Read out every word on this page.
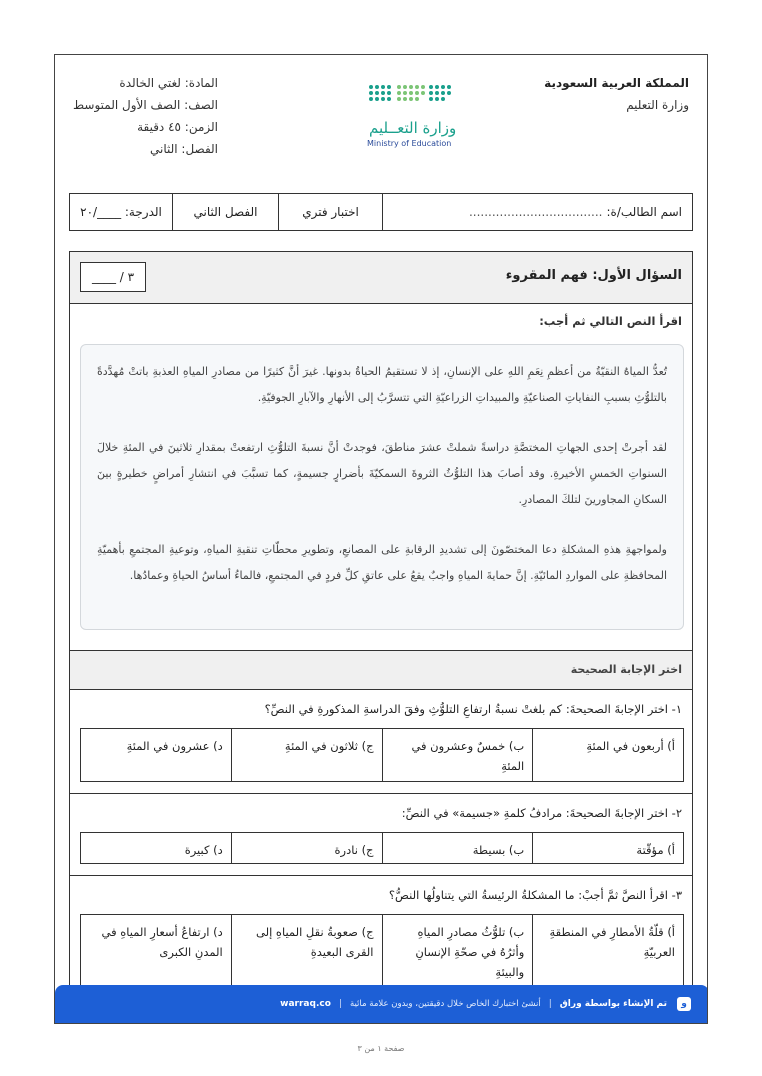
المملكة العربية السعودية
وزارة التعليم
وزارة التعــليم
Ministry of Education
المادة: لغتي الخالدة
الصف: الصف الأول المتوسط
الزمن: ٤٥ دقيقة
الفصل: الثاني
اسم الطالب/ة:
...................................
اختبار فتري
الفصل الثاني
الدرجة: ____/٢٠
السؤال الأول: فهم المقروء
____ / ٣
اقرأ النص التالي ثم أجب:

تُعدُّ المياهُ النقيّةُ من أعظمِ نِعَمِ اللهِ على الإنسانِ، إذ لا تستقيمُ الحياةُ بدونها. غيرَ أنَّ كثيرًا من مصادرِ المياهِ العذبةِ باتتْ مُهدَّدةً بالتلوُّثِ بسببِ النفاياتِ الصناعيّةِ والمبيداتِ الزراعيّةِ التي تتسرَّبُ إلى الأنهارِ والآبارِ الجوفيّةِ.

لقد أجرتْ إحدى الجهاتِ المختصَّةِ دراسةً شملتْ عشرَ مناطقَ، فوجدتْ أنَّ نسبةَ التلوُّثِ ارتفعتْ بمقدارِ ثلاثينَ في المئةِ خلالَ السنواتِ الخمسِ الأخيرةِ. وقد أصابَ هذا التلوُّثُ الثروةَ السمكيّةَ بأضرارٍ جسيمةٍ، كما تسبَّبَ في انتشارِ أمراضٍ خطيرةٍ بينَ السكانِ المجاورينَ لتلكَ المصادرِ.

ولمواجهةِ هذهِ المشكلةِ دعا المختصّونَ إلى تشديدِ الرقابةِ على المصانعِ، وتطويرِ محطّاتِ تنقيةِ المياهِ، وتوعيةِ المجتمعِ بأهميّةِ المحافظةِ على المواردِ المائيّةِ. إنَّ حمايةَ المياهِ واجبٌ يقعُ على عاتقِ كلِّ فردٍ في المجتمعِ، فالماءُ أساسُ الحياةِ وعمادُها.

اختر الإجابة الصحيحة
١- اختر الإجابةَ الصحيحةَ: كم بلغتْ نسبةُ ارتفاعِ التلوُّثِ وفقَ الدراسةِ المذكورةِ في النصِّ؟
أ) أربعون في المئةِ
ب) خمسٌ وعشرون في المئةِ
ج) ثلاثون في المئةِ
د) عشرون في المئةِ
٢- اختر الإجابةَ الصحيحةَ: مرادفُ كلمةِ «جسيمة» في النصِّ:
أ) مؤقّتة
ب) بسيطة
ج) نادرة
د) كبيرة
٣- اقرأ النصَّ ثمَّ أجبْ: ما المشكلةُ الرئيسةُ التي يتناولُها النصُّ؟
أ) قلّةُ الأمطارِ في المنطقةِ العربيّةِ
ب) تلوُّثُ مصادرِ المياهِ وأثرُهُ في صحّةِ الإنسانِ والبيئةِ
ج) صعوبةُ نقلِ المياهِ إلى القرى البعيدةِ
د) ارتفاعُ أسعارِ المياهِ في المدنِ الكبرى
و
تم الإنشاء بواسطة وراق
|
أنشئ اختبارك الخاص خلال دقيقتين، وبدون علامة مائية
|
warraq.co
صفحة ١ من ٣
